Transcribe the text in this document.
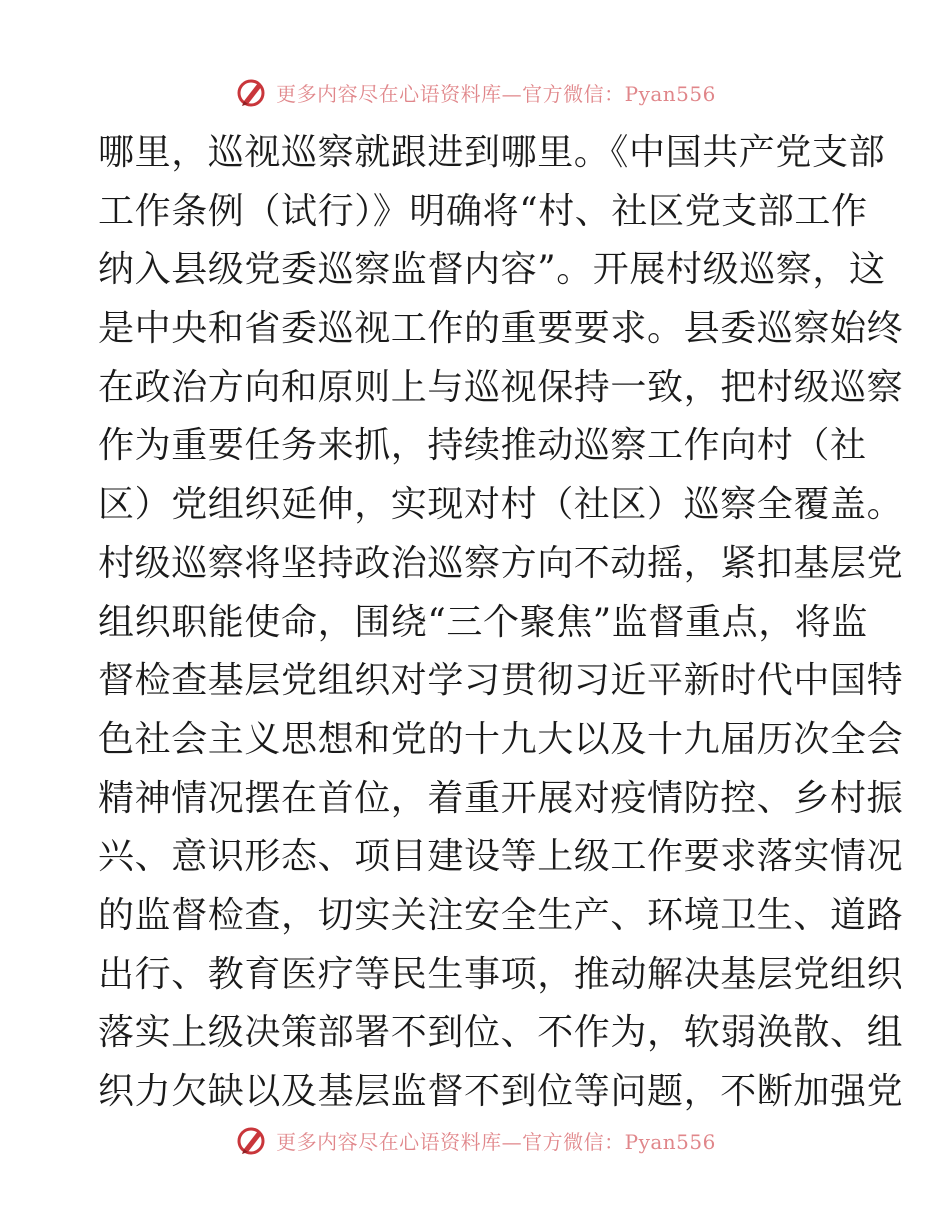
更多内容尽在心语资料库—官方微信：Pyan556
哪里，巡视巡察就跟进到哪里。《中国共产党支部
工作条例（试行）》明确将“村、社区党支部工作
纳入县级党委巡察监督内容”。开展村级巡察，这
是中央和省委巡视工作的重要要求。县委巡察始终
在政治方向和原则上与巡视保持一致，把村级巡察
作为重要任务来抓，持续推动巡察工作向村（社
区）党组织延伸，实现对村（社区）巡察全覆盖。
村级巡察将坚持政治巡察方向不动摇，紧扣基层党
组织职能使命，围绕“三个聚焦”监督重点，将监
督检查基层党组织对学习贯彻习近平新时代中国特
色社会主义思想和党的十九大以及十九届历次全会
精神情况摆在首位，着重开展对疫情防控、乡村振
兴、意识形态、项目建设等上级工作要求落实情况
的监督检查，切实关注安全生产、环境卫生、道路
出行、教育医疗等民生事项，推动解决基层党组织
落实上级决策部署不到位、不作为，软弱涣散、组
织力欠缺以及基层监督不到位等问题，不断加强党
更多内容尽在心语资料库—官方微信：Pyan556
